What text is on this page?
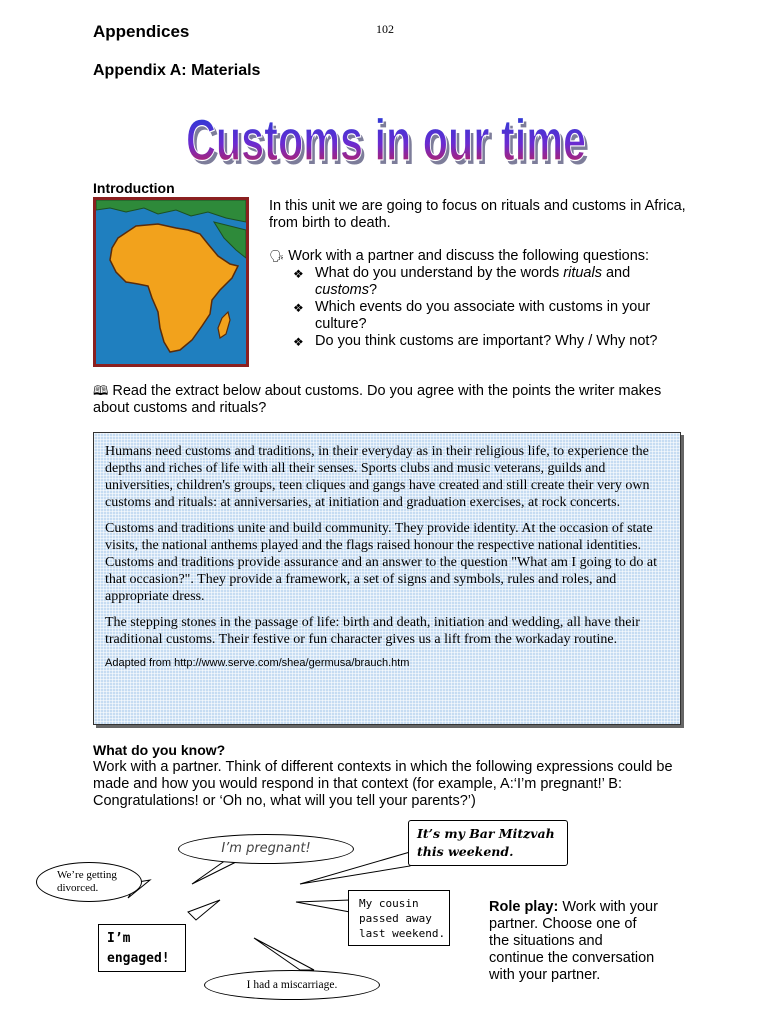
Appendices	102
Appendix A: Materials
Customs in our time
Customs in our time
Introduction
In this unit we are going to focus on rituals and customs in Africa, from birth to death.
🗣 Work with a partner and discuss the following questions:
❖ What do you understand by the words rituals and customs?
❖ Which events do you associate with customs in your culture?
❖ Do you think customs are important? Why / Why not?
🕮 Read the extract below about customs. Do you agree with the points the writer makes about customs and rituals?

Humans need customs and traditions, in their everyday as in their religious life, to experience the depths and riches of life with all their senses. Sports clubs and music veterans, guilds and universities, children's groups, teen cliques and gangs have created and still create their very own customs and rituals: at anniversaries, at initiation and graduation exercises, at rock concerts.

Customs and traditions unite and build community. They provide identity. At the occasion of state visits, the national anthems played and the flags raised honour the respective national identities. Customs and traditions provide assurance and an answer to the question "What am I going to do at that occasion?". They provide a framework, a set of signs and symbols, rules and roles, and appropriate dress.

The stepping stones in the passage of life: birth and death, initiation and wedding, all have their traditional customs. Their festive or fun character gives us a lift from the workaday routine.

Adapted from http://www.serve.com/shea/germusa/brauch.htm

What do you know?
Work with a partner. Think of different contexts in which the following expressions could be made and how you would respond in that context (for example, A:‘I’m pregnant!’ B: Congratulations! or ‘Oh no, what will you tell your parents?’)
I’m pregnant!
It’s my Bar Mitzvah this weekend.
We’re getting divorced.
My cousin passed away last weekend.
I’m engaged!
I had a miscarriage.
Role play: Work with your partner. Choose one of the situations and continue the conversation with your partner.
